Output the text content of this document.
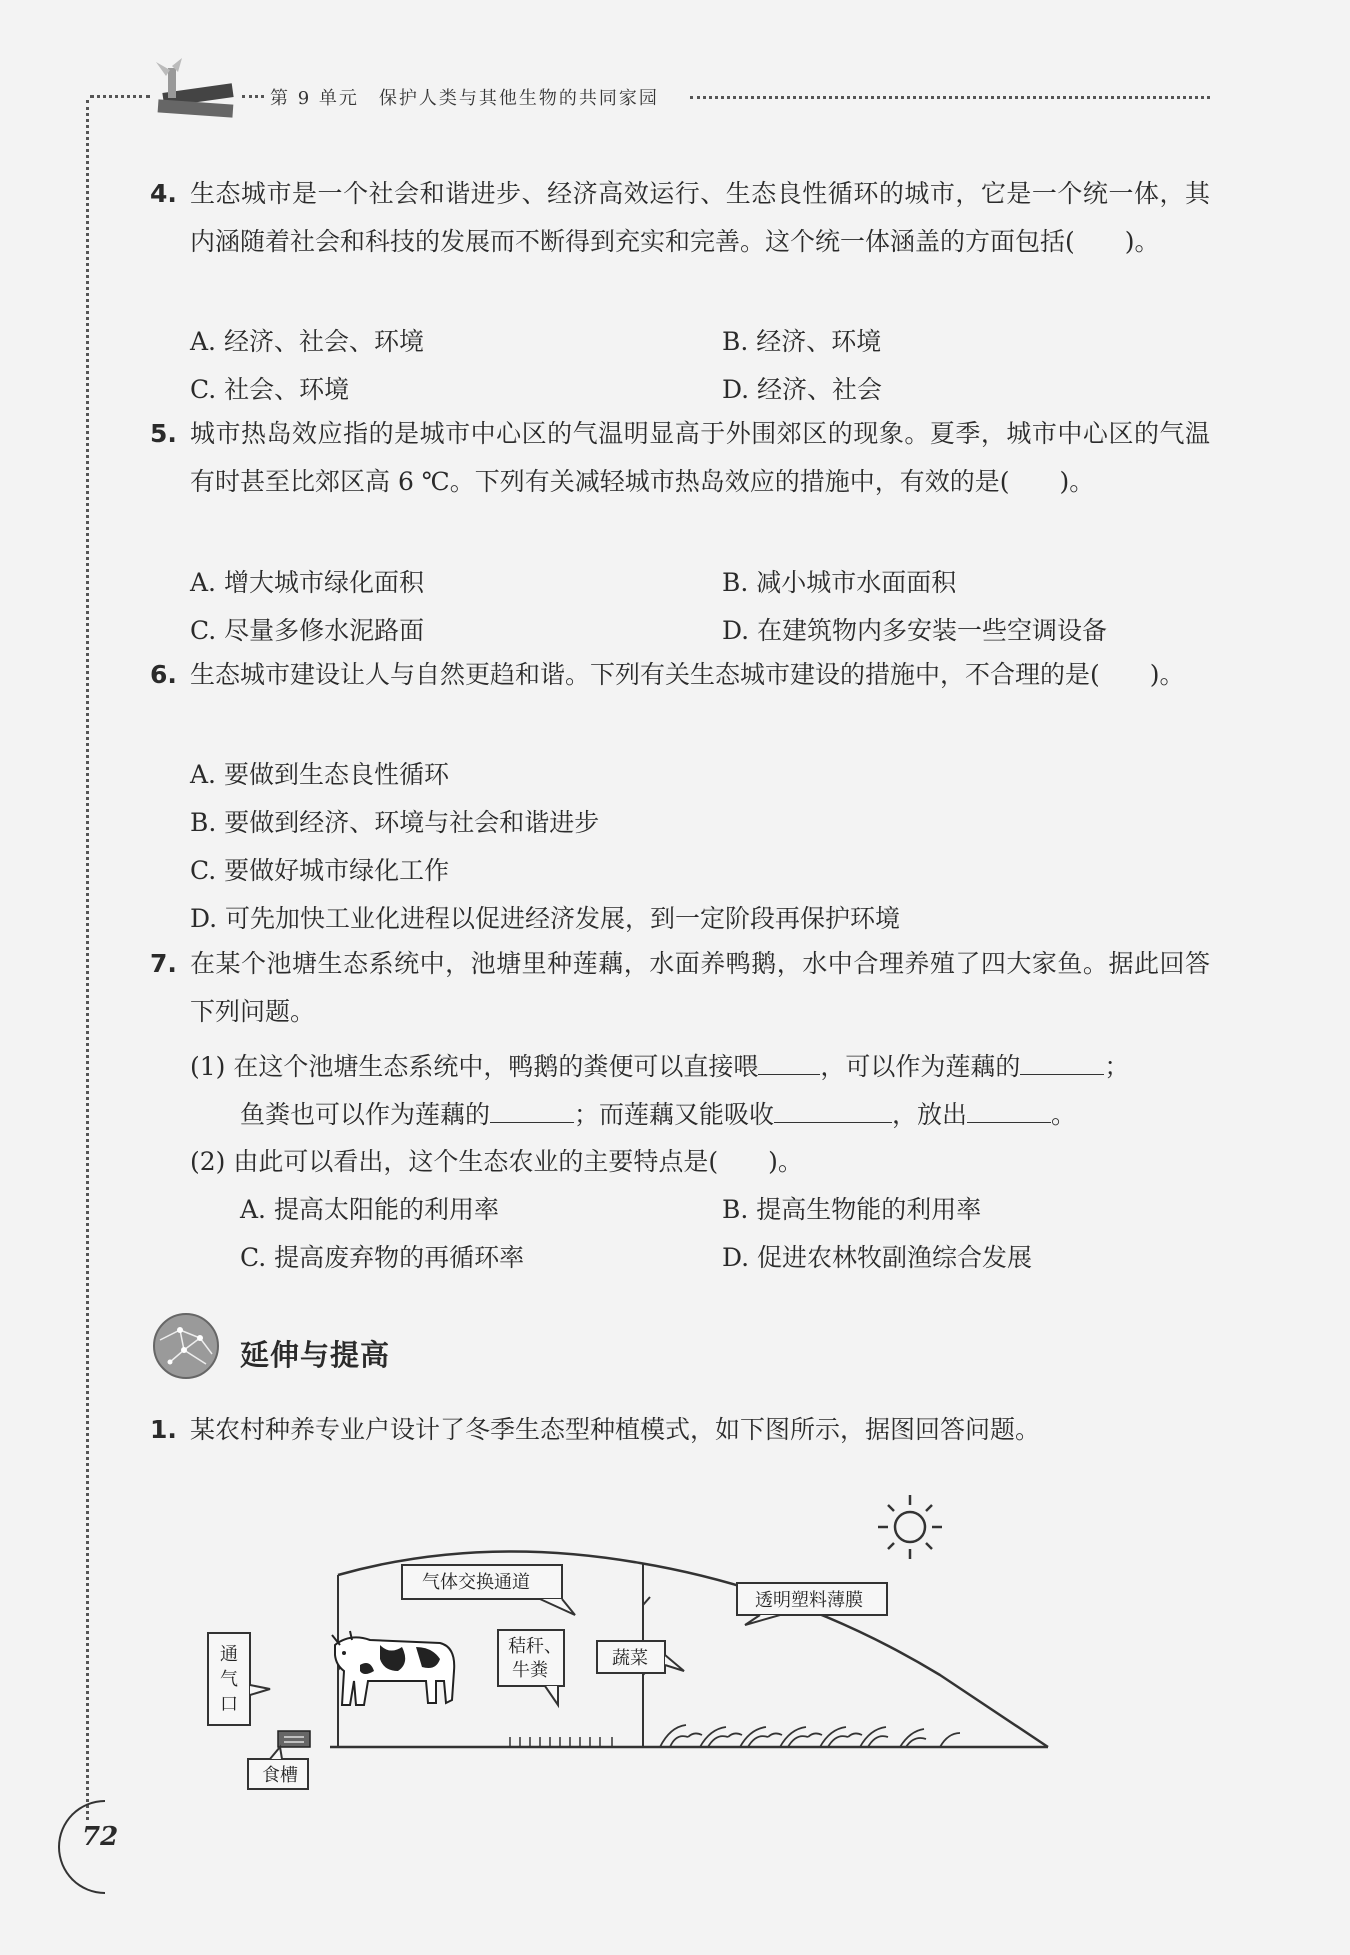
第 9 单元　保护人类与其他生物的共同家园
4. 生态城市是一个社会和谐进步、经济高效运行、生态良性循环的城市，它是一个统一体，其内涵随着社会和科技的发展而不断得到充实和完善。这个统一体涵盖的方面包括(　　)。
A. 经济、社会、环境	B. 经济、环境
C. 社会、环境	D. 经济、社会
5. 城市热岛效应指的是城市中心区的气温明显高于外围郊区的现象。夏季，城市中心区的气温有时甚至比郊区高 6 ℃。下列有关减轻城市热岛效应的措施中，有效的是(　　)。
A. 增大城市绿化面积	B. 减小城市水面面积
C. 尽量多修水泥路面	D. 在建筑物内多安装一些空调设备
6. 生态城市建设让人与自然更趋和谐。下列有关生态城市建设的措施中，不合理的是(　　)。
A. 要做到生态良性循环
B. 要做到经济、环境与社会和谐进步
C. 要做好城市绿化工作
D. 可先加快工业化进程以促进经济发展，到一定阶段再保护环境
7. 在某个池塘生态系统中，池塘里种莲藕，水面养鸭鹅，水中合理养殖了四大家鱼。据此回答下列问题。
(1) 在这个池塘生态系统中，鸭鹅的粪便可以直接喂 ，可以作为莲藕的	；
鱼粪也可以作为莲藕的	；而莲藕又能吸收	，放出	。
(2) 由此可以看出，这个生态农业的主要特点是(　　)。
A. 提高太阳能的利用率	B. 提高生物能的利用率
C. 提高废弃物的再循环率	D. 促进农林牧副渔综合发展
延伸与提高
1. 某农村种养专业户设计了冬季生态型种植模式，如下图所示，据图回答问题。
气体交换通道
透明塑料薄膜
通
气
口
秸秆、
牛粪
蔬菜
食槽
72
